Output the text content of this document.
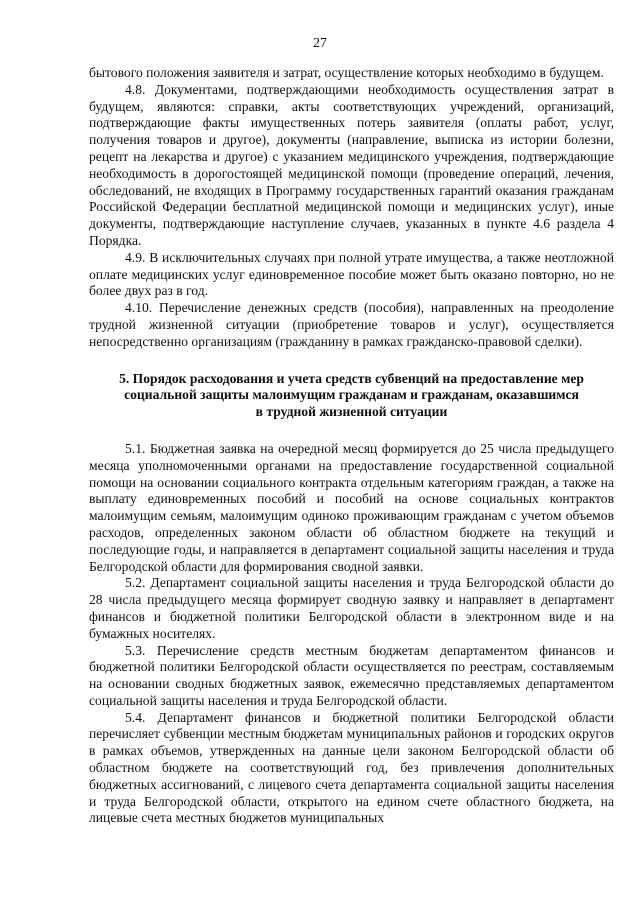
27

бытового положения заявителя и затрат, осуществление которых необходимо в будущем.

4.8. Документами, подтверждающими необходимость осуществления затрат в будущем, являются: справки, акты соответствующих учреждений, организаций, подтверждающие факты имущественных потерь заявителя (оплаты работ, услуг, получения товаров и другое), документы (направление, выписка из истории болезни, рецепт на лекарства и другое) с указанием медицинского учреждения, подтверждающие необходимость в дорогостоящей медицинской помощи (проведение операций, лечения, обследований, не входящих в Программу государственных гарантий оказания гражданам Российской Федерации бесплатной медицинской помощи и медицинских услуг), иные документы, подтверждающие наступление случаев, указанных в пункте 4.6 раздела 4 Порядка.

4.9. В исключительных случаях при полной утрате имущества, а также неотложной оплате медицинских услуг единовременное пособие может быть оказано повторно, но не более двух раз в год.

4.10. Перечисление денежных средств (пособия), направленных на преодоление трудной жизненной ситуации (приобретение товаров и услуг), осуществляется непосредственно организациям (гражданину в рамках гражданско-правовой сделки).

5. Порядок расходования и учета средств субвенций на предоставление мер
социальной защиты малоимущим гражданам и гражданам, оказавшимся
в трудной жизненной ситуации

5.1. Бюджетная заявка на очередной месяц формируется до 25 числа предыдущего месяца уполномоченными органами на предоставление государственной социальной помощи на основании социального контракта отдельным категориям граждан, а также на выплату единовременных пособий и пособий на основе социальных контрактов малоимущим семьям, малоимущим одиноко проживающим гражданам с учетом объемов расходов, определенных законом области об областном бюджете на текущий и последующие годы, и направляется в департамент социальной защиты населения и труда Белгородской области для формирования сводной заявки.

5.2. Департамент социальной защиты населения и труда Белгородской области до 28 числа предыдущего месяца формирует сводную заявку и направляет в департамент финансов и бюджетной политики Белгородской области в электронном виде и на бумажных носителях.

5.3. Перечисление средств местным бюджетам департаментом финансов и бюджетной политики Белгородской области осуществляется по реестрам, составляемым на основании сводных бюджетных заявок, ежемесячно представляемых департаментом социальной защиты населения и труда Белгородской области.

5.4. Департамент финансов и бюджетной политики Белгородской области перечисляет субвенции местным бюджетам муниципальных районов и городских округов в рамках объемов, утвержденных на данные цели законом Белгородской области об областном бюджете на соответствующий год, без привлечения дополнительных бюджетных ассигнований, с лицевого счета департамента социальной защиты населения и труда Белгородской области, открытого на едином счете областного бюджета, на лицевые счета местных бюджетов муниципальных
